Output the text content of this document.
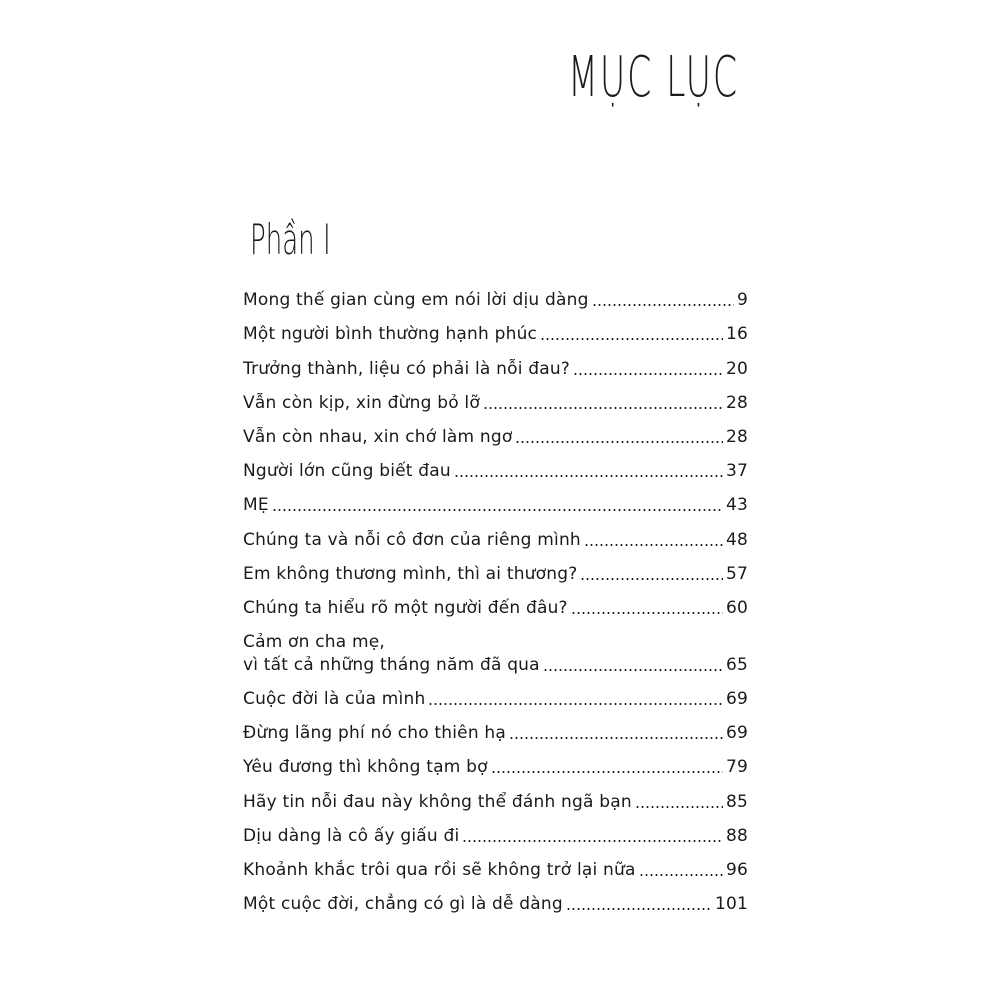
MỤC LỤC
Phần I
Mong thế gian cùng em nói lời dịu dàng	9
Một người bình thường hạnh phúc	16
Trưởng thành, liệu có phải là nỗi đau?	20
Vẫn còn kịp, xin đừng bỏ lỡ	28
Vẫn còn nhau, xin chớ làm ngơ	28
Người lớn cũng biết đau	37
MẸ	43
Chúng ta và nỗi cô đơn của riêng mình	48
Em không thương mình, thì ai thương?	57
Chúng ta hiểu rõ một người đến đâu?	60
Cảm ơn cha mẹ,
vì tất cả những tháng năm đã qua	65
Cuộc đời là của mình	69
Đừng lãng phí nó cho thiên hạ	69
Yêu đương thì không tạm bợ	79
Hãy tin nỗi đau này không thể đánh ngã bạn	85
Dịu dàng là cô ấy giấu đi	88
Khoảnh khắc trôi qua rồi sẽ không trở lại nữa	96
Một cuộc đời, chẳng có gì là dễ dàng	101
